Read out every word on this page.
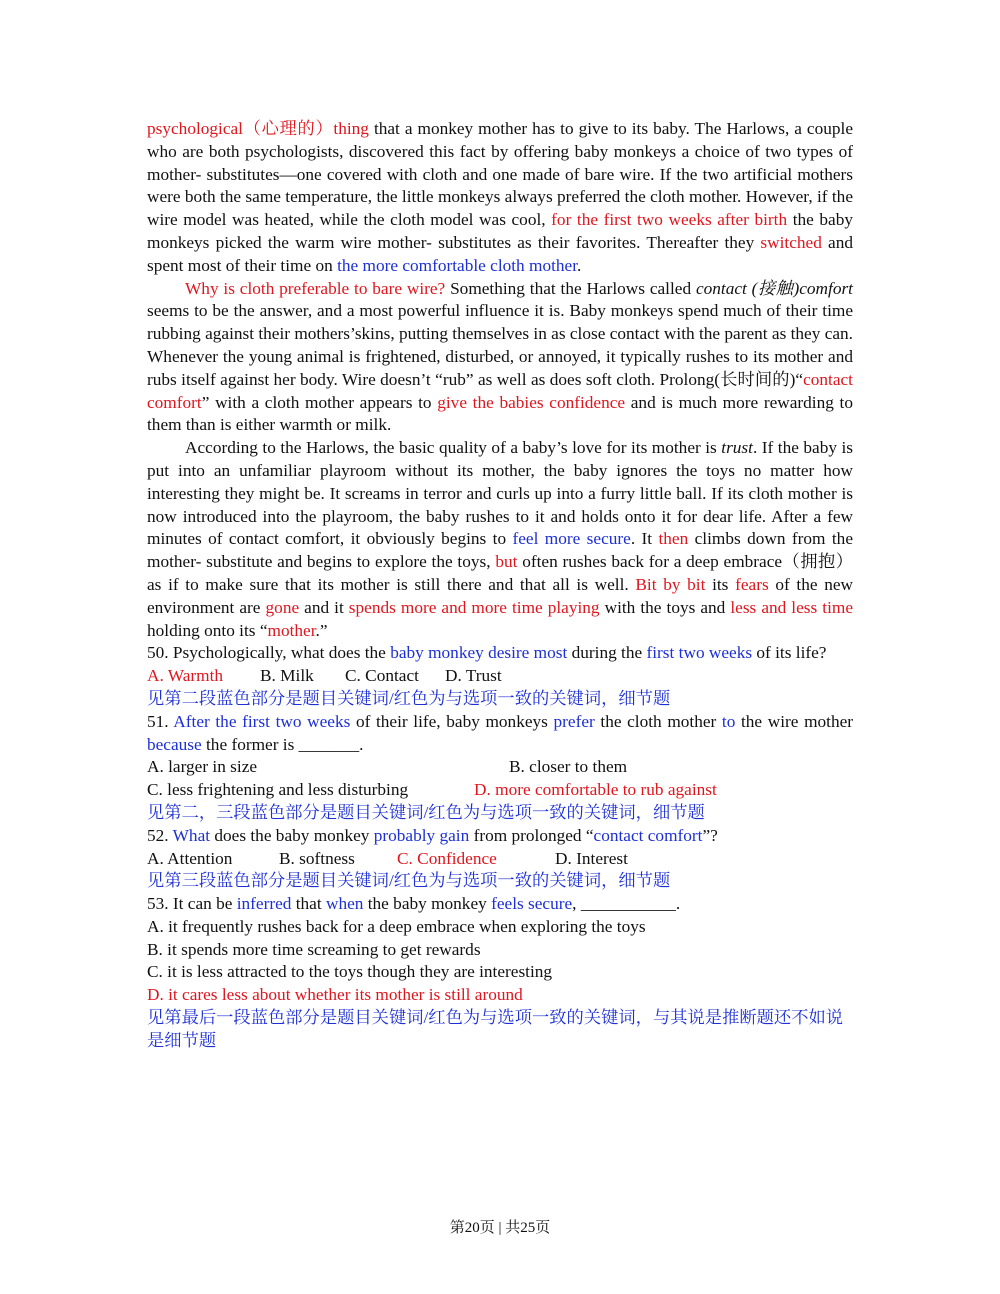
psychological（心理的）thing that a monkey mother has to give to its baby. The Harlows, a couple who are both psychologists, discovered this fact by offering baby monkeys a choice of two types of mother- substitutes—one covered with cloth and one made of bare wire. If the two artificial mothers were both the same temperature, the little monkeys always preferred the cloth mother. However, if the wire model was heated, while the cloth model was cool, for the first two weeks after birth the baby monkeys picked the warm wire mother- substitutes as their favorites. Thereafter they switched and spent most of their time on the more comfortable cloth mother.

Why is cloth preferable to bare wire? Something that the Harlows called contact (接触)comfort seems to be the answer, and a most powerful influence it is. Baby monkeys spend much of their time rubbing against their mothers’skins, putting themselves in as close contact with the parent as they can. Whenever the young animal is frightened, disturbed, or annoyed, it typically rushes to its mother and rubs itself against her body. Wire doesn’t “rub” as well as does soft cloth. Prolong(长时间的)“contact comfort” with a cloth mother appears to give the babies confidence and is much more rewarding to them than is either warmth or milk.

According to the Harlows, the basic quality of a baby’s love for its mother is trust. If the baby is put into an unfamiliar playroom without its mother, the baby ignores the toys no matter how interesting they might be. It screams in terror and curls up into a furry little ball. If its cloth mother is now introduced into the playroom, the baby rushes to it and holds onto it for dear life. After a few minutes of contact comfort, it obviously begins to feel more secure. It then climbs down from the mother- substitute and begins to explore the toys, but often rushes back for a deep embrace（拥抱）as if to make sure that its mother is still there and that all is well. Bit by bit its fears of the new environment are gone and it spends more and more time playing with the toys and less and less time holding onto its “mother.”

50. Psychologically, what does the baby monkey desire most during the first two weeks of its life?

A. Warmth B. Milk C. Contact D. Trust

见第二段蓝色部分是题目关键词/红色为与选项一致的关键词，细节题

51. After the first two weeks of their life, baby monkeys prefer the cloth mother to the wire mother because the former is _______.

A. larger in size	B. closer to them
C. less frightening and less disturbing	D. more comfortable to rub against

见第二，三段蓝色部分是题目关键词/红色为与选项一致的关键词，细节题

52. What does the baby monkey probably gain from prolonged “contact comfort”?

A. Attention	B. softness C. Confidence	D. Interest

见第三段蓝色部分是题目关键词/红色为与选项一致的关键词，细节题

53. It can be inferred that when the baby monkey feels secure, ___________.

A. it frequently rushes back for a deep embrace when exploring the toys

B. it spends more time screaming to get rewards

C. it is less attracted to the toys though they are interesting

D. it cares less about whether its mother is still around

见第最后一段蓝色部分是题目关键词/红色为与选项一致的关键词，与其说是推断题还不如说是细节题

第20页 | 共25页
